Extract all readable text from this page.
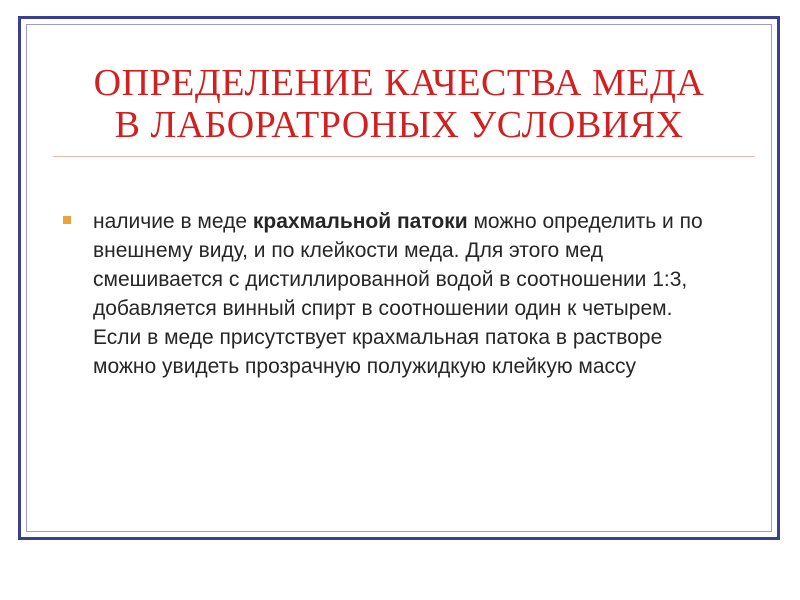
ОПРЕДЕЛЕНИЕ КАЧЕСТВА МЕДА
В ЛАБОРАТРОНЫХ УСЛОВИЯХ
наличие в меде крахмальной патоки можно определить и по внешнему виду, и по клейкости меда. Для этого мед смешивается с дистиллированной водой в соотношении 1:3, добавляется винный спирт в соотношении один к четырем. Если в меде присутствует крахмальная патока в растворе можно увидеть прозрачную полужидкую клейкую массу
